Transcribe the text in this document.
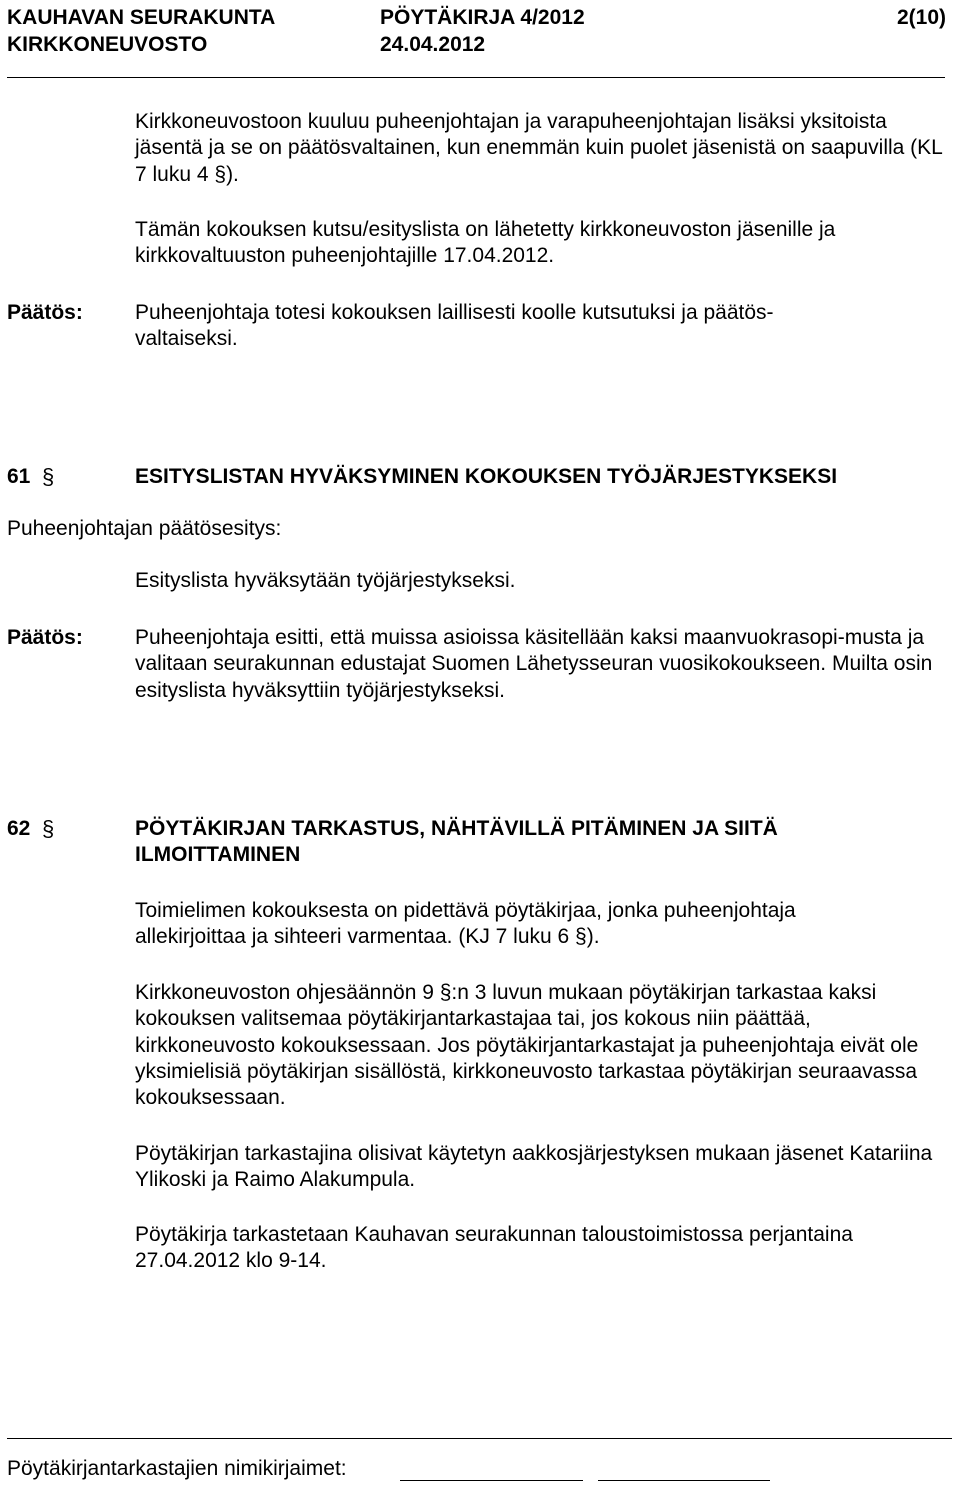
KAUHAVAN SEURAKUNTA	PÖYTÄKIRJA 4/2012	2(10)
KIRKKONEUVOSTO	24.04.2012
Kirkkoneuvostoon kuuluu puheenjohtajan ja varapuheenjohtajan lisäksi yksitoista jäsentä ja se on päätösvaltainen, kun enemmän kuin puolet jäsenistä on saapuvilla (KL 7 luku 4 §).
Tämän kokouksen kutsu/esityslista on lähetetty kirkkoneuvoston jäsenille ja kirkkovaltuuston puheenjohtajille 17.04.2012.
Päätös: Puheenjohtaja totesi kokouksen laillisesti koolle kutsutuksi ja päätös-
valtaiseksi.
61 §	ESITYSLISTAN HYVÄKSYMINEN KOKOUKSEN TYÖJÄRJESTYKSEKSI
Puheenjohtajan päätösesitys:
Esityslista hyväksytään työjärjestykseksi.
Päätös: Puheenjohtaja esitti, että muissa asioissa käsitellään kaksi maanvuokrasopi-musta ja valitaan seurakunnan edustajat Suomen Lähetysseuran vuosikokoukseen. Muilta osin esityslista hyväksyttiin työjärjestykseksi.
62 §	PÖYTÄKIRJAN TARKASTUS, NÄHTÄVILLÄ PITÄMINEN JA SIITÄ
ILMOITTAMINEN
Toimielimen kokouksesta on pidettävä pöytäkirjaa, jonka puheenjohtaja allekirjoittaa ja sihteeri varmentaa. (KJ 7 luku 6 §).
Kirkkoneuvoston ohjesäännön 9 §:n 3 luvun mukaan pöytäkirjan tarkastaa kaksi kokouksen valitsemaa pöytäkirjantarkastajaa tai, jos kokous niin päättää, kirkkoneuvosto kokouksessaan. Jos pöytäkirjantarkastajat ja puheenjohtaja eivät ole yksimielisiä pöytäkirjan sisällöstä, kirkkoneuvosto tarkastaa pöytäkirjan seuraavassa kokouksessaan.
Pöytäkirjan tarkastajina olisivat käytetyn aakkosjärjestyksen mukaan jäsenet Katariina Ylikoski ja Raimo Alakumpula.
Pöytäkirja tarkastetaan Kauhavan seurakunnan taloustoimistossa perjantaina 27.04.2012 klo 9-14.
Pöytäkirjantarkastajien nimikirjaimet:
